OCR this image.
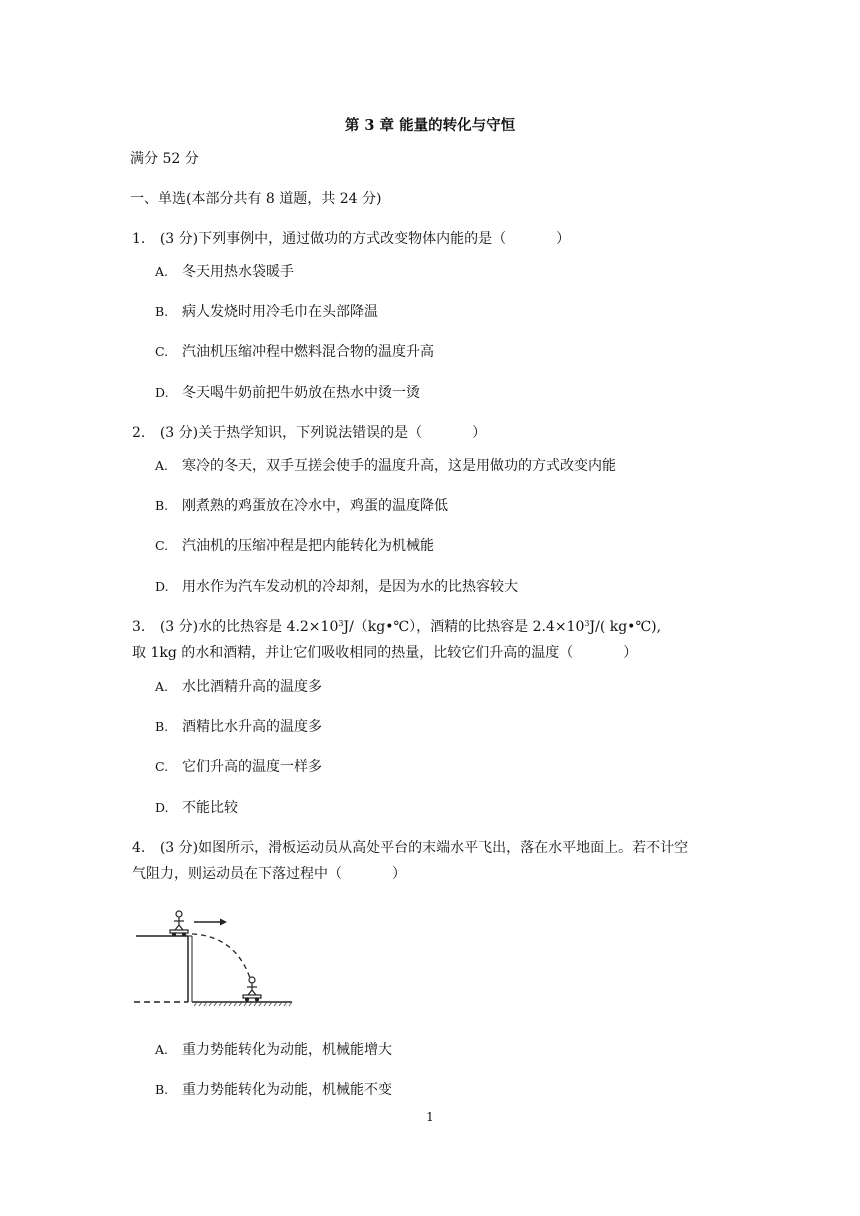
第 3 章 能量的转化与守恒
满分 52 分
一、单选(本部分共有 8 道题，共 24 分)
1. (3 分)下列事例中，通过做功的方式改变物体内能的是（	）
A. 冬天用热水袋暖手
B. 病人发烧时用冷毛巾在头部降温
C. 汽油机压缩冲程中燃料混合物的温度升高
D. 冬天喝牛奶前把牛奶放在热水中烫一烫
2. (3 分)关于热学知识，下列说法错误的是（	）
A. 寒冷的冬天，双手互搓会使手的温度升高，这是用做功的方式改变内能
B. 刚煮熟的鸡蛋放在冷水中，鸡蛋的温度降低
C. 汽油机的压缩冲程是把内能转化为机械能
D. 用水作为汽车发动机的冷却剂，是因为水的比热容较大
3. (3 分)水的比热容是 $4.2\times 10^3J/(kg•℃)$，酒精的比热容是 $2.4\times 10^3J/$( kg•℃),
取 1kg 的水和酒精，并让它们吸收相同的热量，比较它们升高的温度（	）
A. 水比酒精升高的温度多
B. 酒精比水升高的温度多
C. 它们升高的温度一样多
D. 不能比较
4. (3 分)如图所示，滑板运动员从高处平台的末端水平飞出，落在水平地面上。若不计空
气阻力，则运动员在下落过程中（	）
A. 重力势能转化为动能，机械能增大
B. 重力势能转化为动能，机械能不变
1
